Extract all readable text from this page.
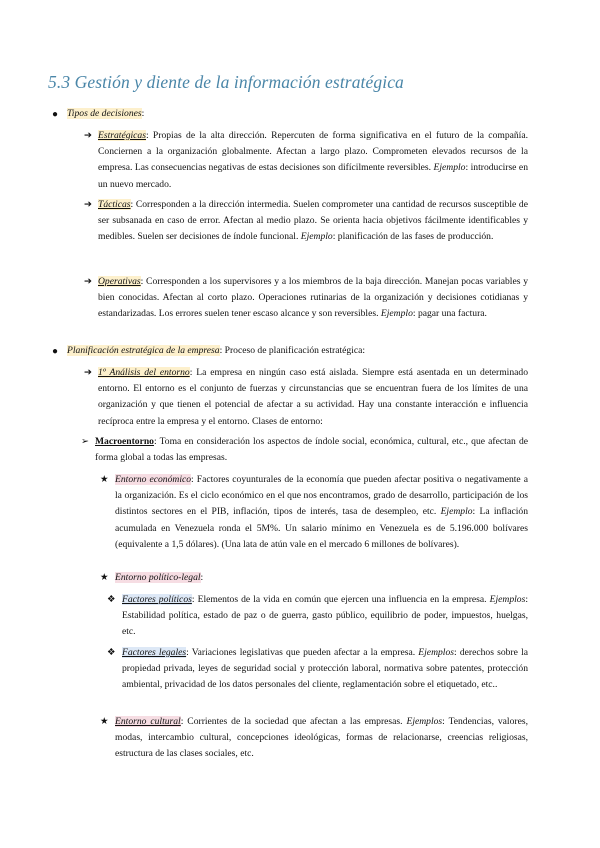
5.3 Gestión y diente de la información estratégica
● Tipos de decisiones:
➔ Estratégicas: Propias de la alta dirección. Repercuten de forma significativa en el futuro de la compañía. Conciernen a la organización globalmente. Afectan a largo plazo. Comprometen elevados recursos de la empresa. Las consecuencias negativas de estas decisiones son difícilmente reversibles. Ejemplo: introducirse en un nuevo mercado.
➔ Tácticas: Corresponden a la dirección intermedia. Suelen comprometer una cantidad de recursos susceptible de ser subsanada en caso de error. Afectan al medio plazo. Se orienta hacia objetivos fácilmente identificables y medibles. Suelen ser decisiones de índole funcional. Ejemplo: planificación de las fases de producción.
➔ Operativas: Corresponden a los supervisores y a los miembros de la baja dirección. Manejan pocas variables y bien conocidas. Afectan al corto plazo. Operaciones rutinarias de la organización y decisiones cotidianas y estandarizadas. Los errores suelen tener escaso alcance y son reversibles. Ejemplo: pagar una factura.
● Planificación estratégica de la empresa: Proceso de planificación estratégica:
➔ 1º Análisis del entorno: La empresa en ningún caso está aislada. Siempre está asentada en un determinado entorno. El entorno es el conjunto de fuerzas y circunstancias que se encuentran fuera de los límites de una organización y que tienen el potencial de afectar a su actividad. Hay una constante interacción e influencia recíproca entre la empresa y el entorno. Clases de entorno:
➢ Macroentorno: Toma en consideración los aspectos de índole social, económica, cultural, etc., que afectan de forma global a todas las empresas.
★ Entorno económico: Factores coyunturales de la economía que pueden afectar positiva o negativamente a la organización. Es el ciclo económico en el que nos encontramos, grado de desarrollo, participación de los distintos sectores en el PIB, inflación, tipos de interés, tasa de desempleo, etc. Ejemplo: La inflación acumulada en Venezuela ronda el 5M%. Un salario mínimo en Venezuela es de 5.196.000 bolívares (equivalente a 1,5 dólares). (Una lata de atún vale en el mercado 6 millones de bolívares).
★ Entorno político-legal:
❖ Factores políticos: Elementos de la vida en común que ejercen una influencia en la empresa. Ejemplos: Estabilidad política, estado de paz o de guerra, gasto público, equilibrio de poder, impuestos, huelgas, etc.
❖ Factores legales: Variaciones legislativas que pueden afectar a la empresa. Ejemplos: derechos sobre la propiedad privada, leyes de seguridad social y protección laboral, normativa sobre patentes, protección ambiental, privacidad de los datos personales del cliente, reglamentación sobre el etiquetado, etc..
★ Entorno cultural: Corrientes de la sociedad que afectan a las empresas. Ejemplos: Tendencias, valores, modas, intercambio cultural, concepciones ideológicas, formas de relacionarse, creencias religiosas, estructura de las clases sociales, etc.
